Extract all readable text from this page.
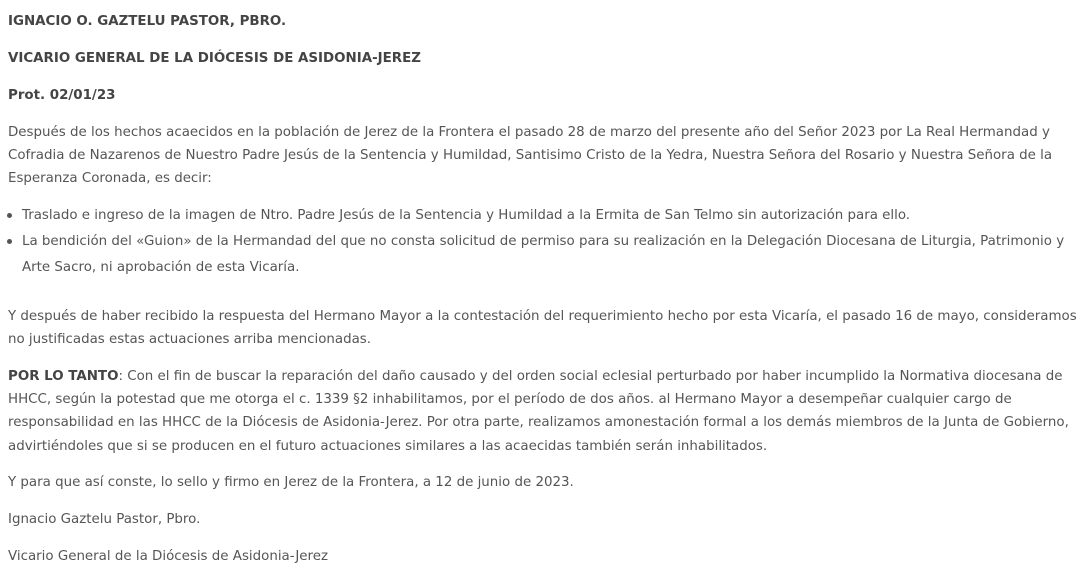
IGNACIO O. GAZTELU PASTOR, PBRO.

VICARIO GENERAL DE LA DIÓCESIS DE ASIDONIA-JEREZ

Prot. 02/01/23

Después de los hechos acaecidos en la población de Jerez de la Frontera el pasado 28 de marzo del presente año del Señor 2023 por La Real Hermandad y Cofradia de Nazarenos de Nuestro Padre Jesús de la Sentencia y Humildad, Santisimo Cristo de la Yedra, Nuestra Señora del Rosario y Nuestra Señora de la Esperanza Coronada, es decir:

Traslado e ingreso de la imagen de Ntro. Padre Jesús de la Sentencia y Humildad a la Ermita de San Telmo sin autorización para ello.
La bendición del «Guion» de la Hermandad del que no consta solicitud de permiso para su realización en la Delegación Diocesana de Liturgia, Patrimonio y Arte Sacro, ni aprobación de esta Vicaría.

Y después de haber recibido la respuesta del Hermano Mayor a la contestación del requerimiento hecho por esta Vicaría, el pasado 16 de mayo, consideramos no justificadas estas actuaciones arriba mencionadas.

POR LO TANTO: Con el fin de buscar la reparación del daño causado y del orden social eclesial perturbado por haber incumplido la Normativa diocesana de HHCC, según la potestad que me otorga el c. 1339 §2 inhabilitamos, por el período de dos años. al Hermano Mayor a desempeñar cualquier cargo de responsabilidad en las HHCC de la Diócesis de Asidonia-Jerez. Por otra parte, realizamos amonestación formal a los demás miembros de la Junta de Gobierno, advirtiéndoles que si se producen en el futuro actuaciones similares a las acaecidas también serán inhabilitados.

Y para que así conste, lo sello y firmo en Jerez de la Frontera, a 12 de junio de 2023.

Ignacio Gaztelu Pastor, Pbro.

Vicario General de la Diócesis de Asidonia-Jerez
